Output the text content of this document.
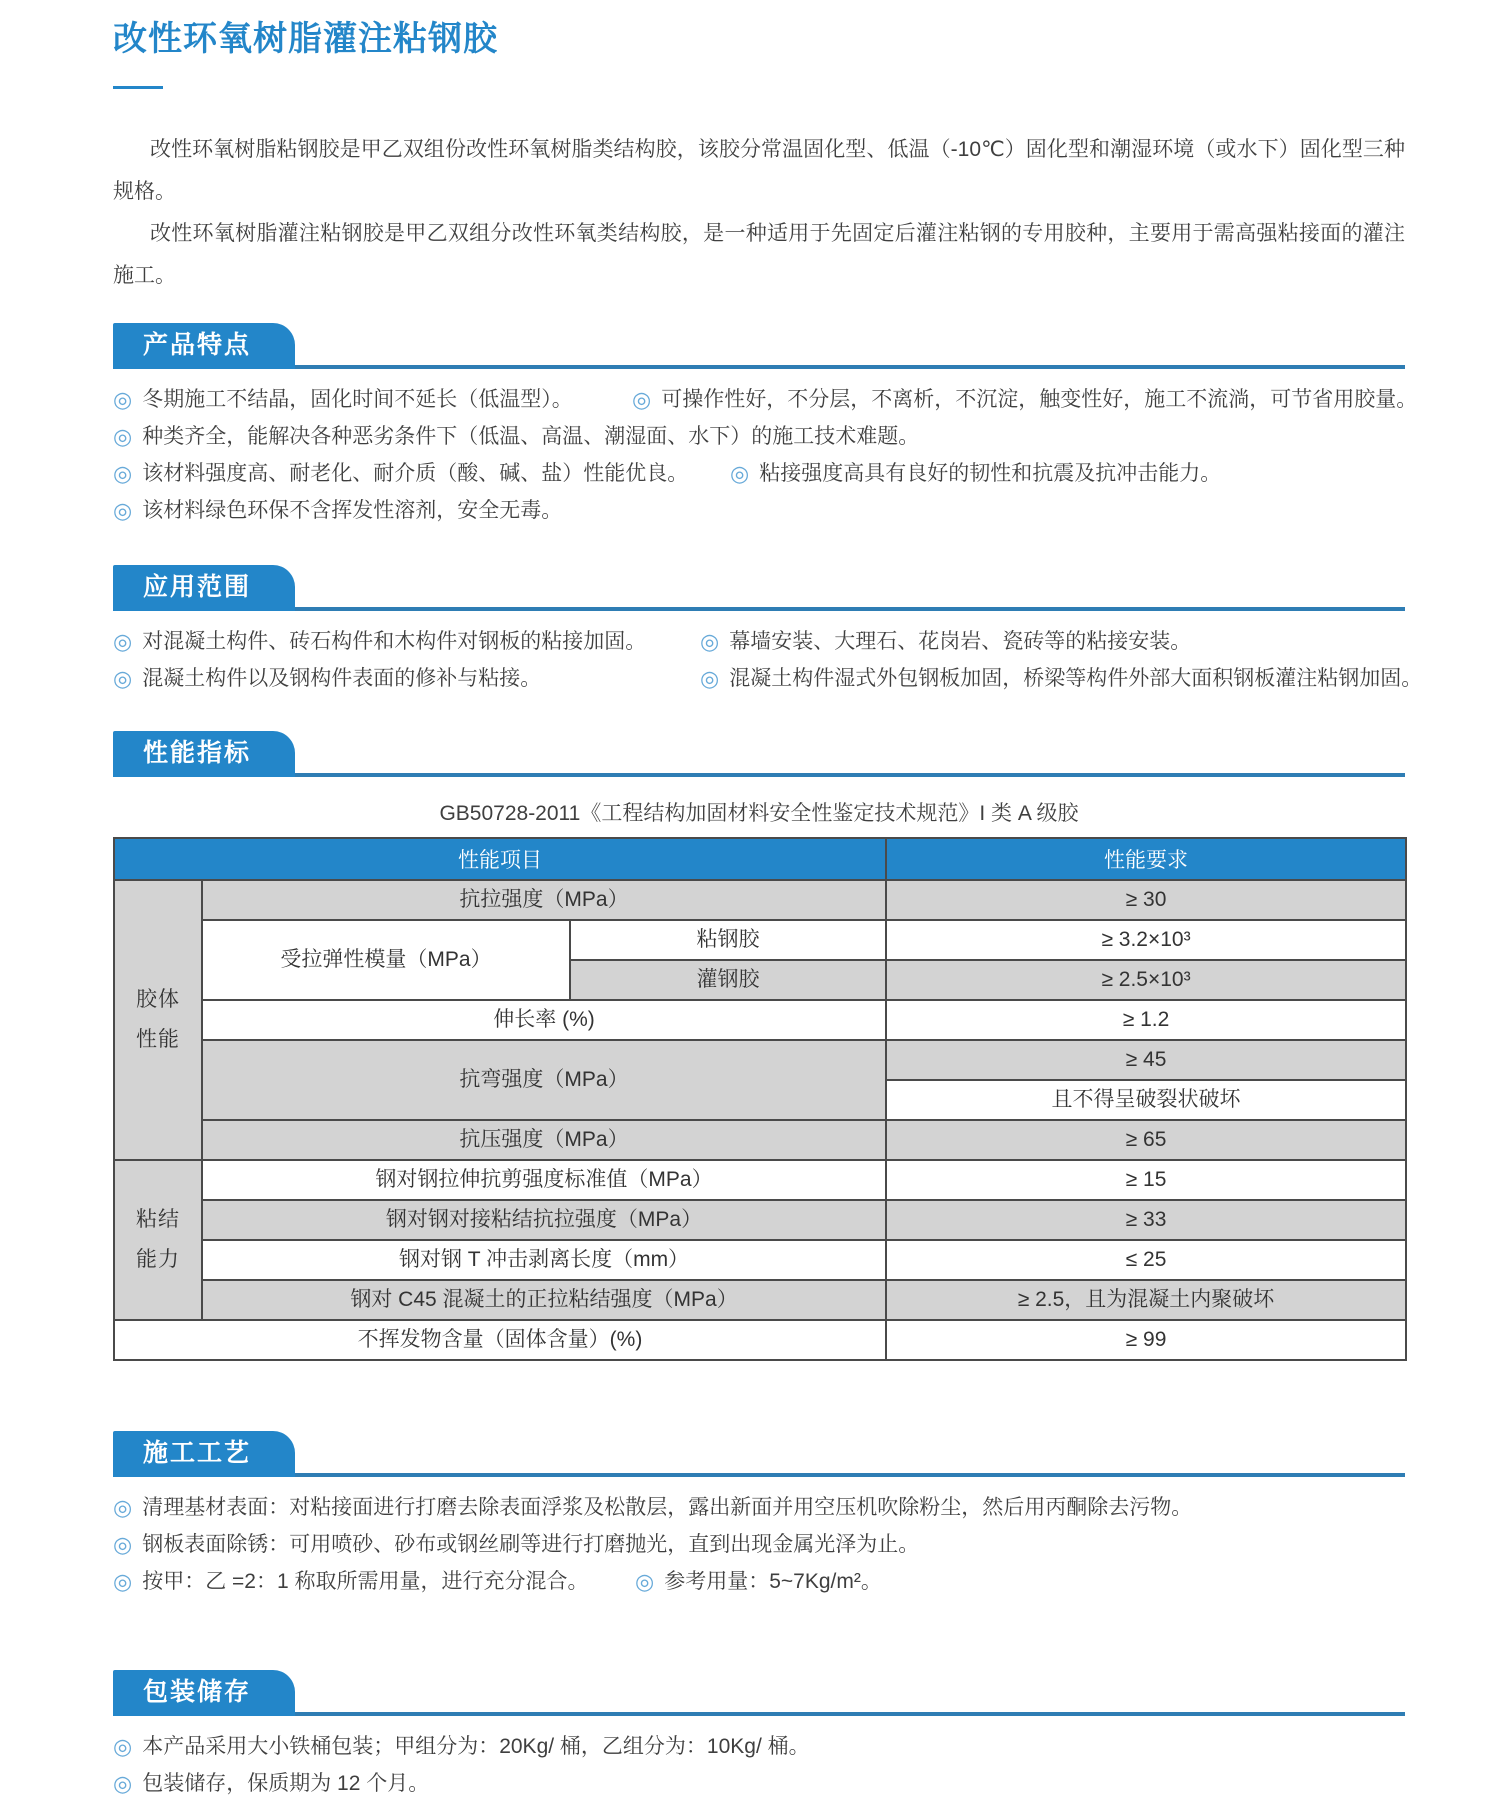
改性环氧树脂灌注粘钢胶

改性环氧树脂粘钢胶是甲乙双组份改性环氧树脂类结构胶，该胶分常温固化型、低温（-10℃）固化型和潮湿环境（或水下）固化型三种规格。

改性环氧树脂灌注粘钢胶是甲乙双组分改性环氧类结构胶，是一种适用于先固定后灌注粘钢的专用胶种，主要用于需高强粘接面的灌注施工。

产品特点
◎ 冬期施工不结晶，固化时间不延长（低温型）。	◎ 可操作性好，不分层，不离析，不沉淀，触变性好，施工不流淌，可节省用胶量。
◎ 种类齐全，能解决各种恶劣条件下（低温、高温、潮湿面、水下）的施工技术难题。
◎ 该材料强度高、耐老化、耐介质（酸、碱、盐）性能优良。 ◎ 粘接强度高具有良好的韧性和抗震及抗冲击能力。
◎ 该材料绿色环保不含挥发性溶剂，安全无毒。
应用范围
◎ 对混凝土构件、砖石构件和木构件对钢板的粘接加固。 ◎ 幕墙安装、大理石、花岗岩、瓷砖等的粘接安装。
◎ 混凝土构件以及钢构件表面的修补与粘接。	◎ 混凝土构件湿式外包钢板加固，桥梁等构件外部大面积钢板灌注粘钢加固。
性能指标
GB50728-2011《工程结构加固材料安全性鉴定技术规范》I 类 A 级胶
性能项目			性能要求
胶体性能	抗拉强度（MPa）		≥ 30
	受拉弹性模量（MPa）	粘钢胶	≥ 3.2×10³
		灌钢胶	≥ 2.5×10³
	伸长率 (%)		≥ 1.2
	抗弯强度（MPa）		≥ 45
			且不得呈破裂状破坏
	抗压强度（MPa）		≥ 65
粘结能力	钢对钢拉伸抗剪强度标准值（MPa）		≥ 15
	钢对钢对接粘结抗拉强度（MPa）		≥ 33
	钢对钢 T 冲击剥离长度（mm）		≤ 25
	钢对 C45 混凝土的正拉粘结强度（MPa）		≥ 2.5，且为混凝土内聚破坏
不挥发物含量（固体含量）(%)			≥ 99
施工工艺
◎ 清理基材表面：对粘接面进行打磨去除表面浮浆及松散层，露出新面并用空压机吹除粉尘，然后用丙酮除去污物。
◎ 钢板表面除锈：可用喷砂、砂布或钢丝刷等进行打磨抛光，直到出现金属光泽为止。
◎ 按甲：乙 =2：1 称取所需用量，进行充分混合。 ◎ 参考用量：5~7Kg/m²。
包装储存
◎ 本产品采用大小铁桶包装；甲组分为：20Kg/ 桶，乙组分为：10Kg/ 桶。
◎ 包装储存，保质期为 12 个月。
